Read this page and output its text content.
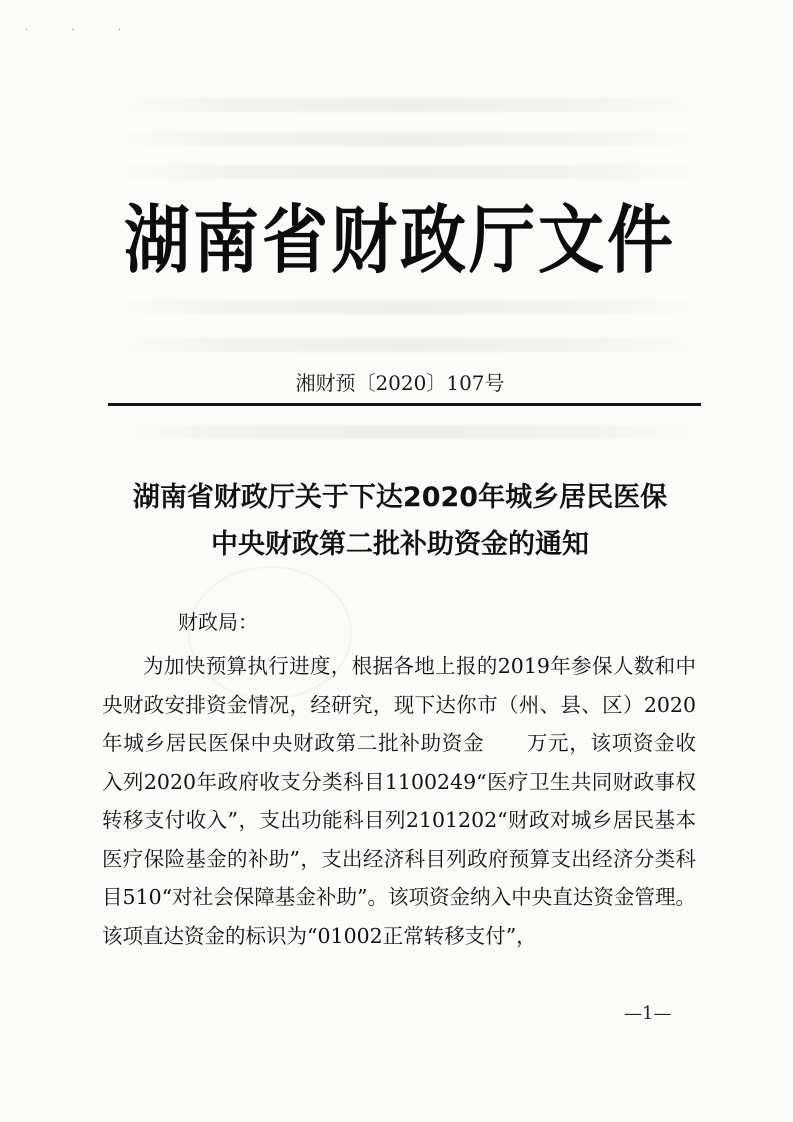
· · ·
湖南省财政厅文件
湘财预〔2020〕107号
湖南省财政厅关于下达2020年城乡居民医保
中央财政第二批补助资金的通知
财政局：

为加快预算执行进度，根据各地上报的2019年参保人数和中央财政安排资金情况，经研究，现下达你市（州、县、区）2020年城乡居民医保中央财政第二批补助资金　　万元，该项资金收入列2020年政府收支分类科目1100249“医疗卫生共同财政事权转移支付收入”，支出功能科目列2101202“财政对城乡居民基本医疗保险基金的补助”，支出经济科目列政府预算支出经济分类科目510“对社会保障基金补助”。该项资金纳入中央直达资金管理。该项直达资金的标识为“01002正常转移支付”，

—1—
